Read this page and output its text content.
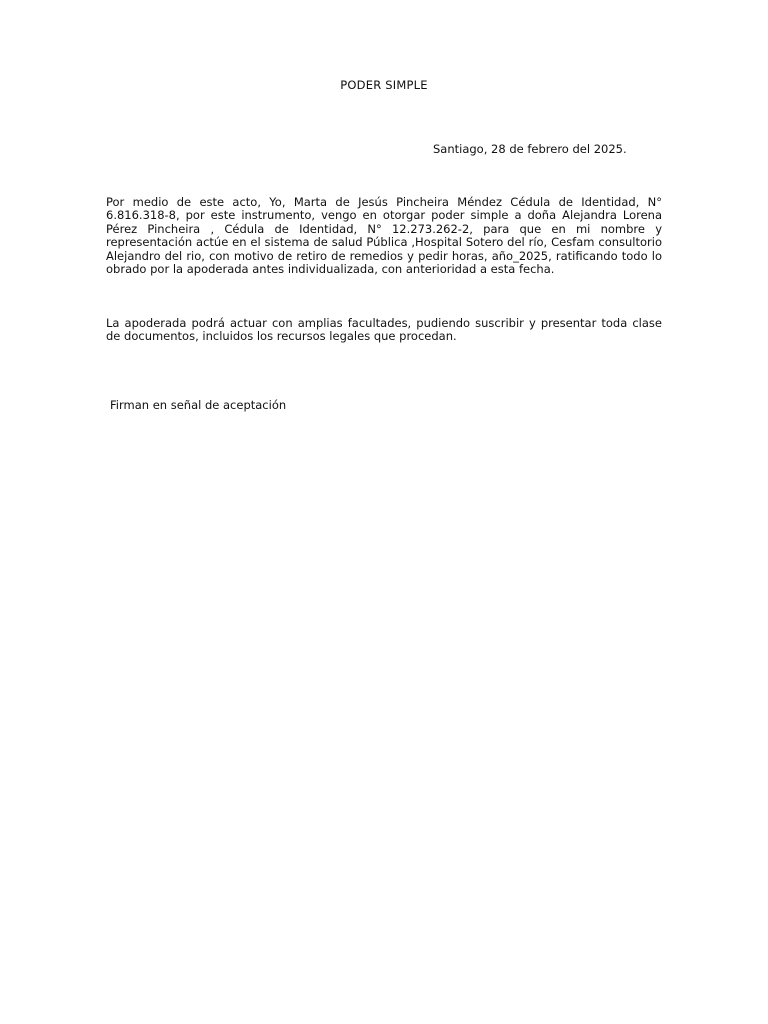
PODER SIMPLE
Santiago, 28 de febrero del 2025.

Por medio de este acto, Yo, Marta de Jesús Pincheira Méndez Cédula de Identidad, N° 6.816.318-8, por este instrumento, vengo en otorgar poder simple a doña Alejandra Lorena Pérez Pincheira , Cédula de Identidad, N° 12.273.262-2, para que en mi nombre y representación actúe en el sistema de salud Pública ,Hospital Sotero del río, Cesfam consultorio Alejandro del rio, con motivo de retiro de remedios y pedir horas, año_2025, ratificando todo lo obrado por la apoderada antes individualizada, con anterioridad a esta fecha.

La apoderada podrá actuar con amplias facultades, pudiendo suscribir y presentar toda clase de documentos, incluidos los recursos legales que procedan.

Firman en señal de aceptación
